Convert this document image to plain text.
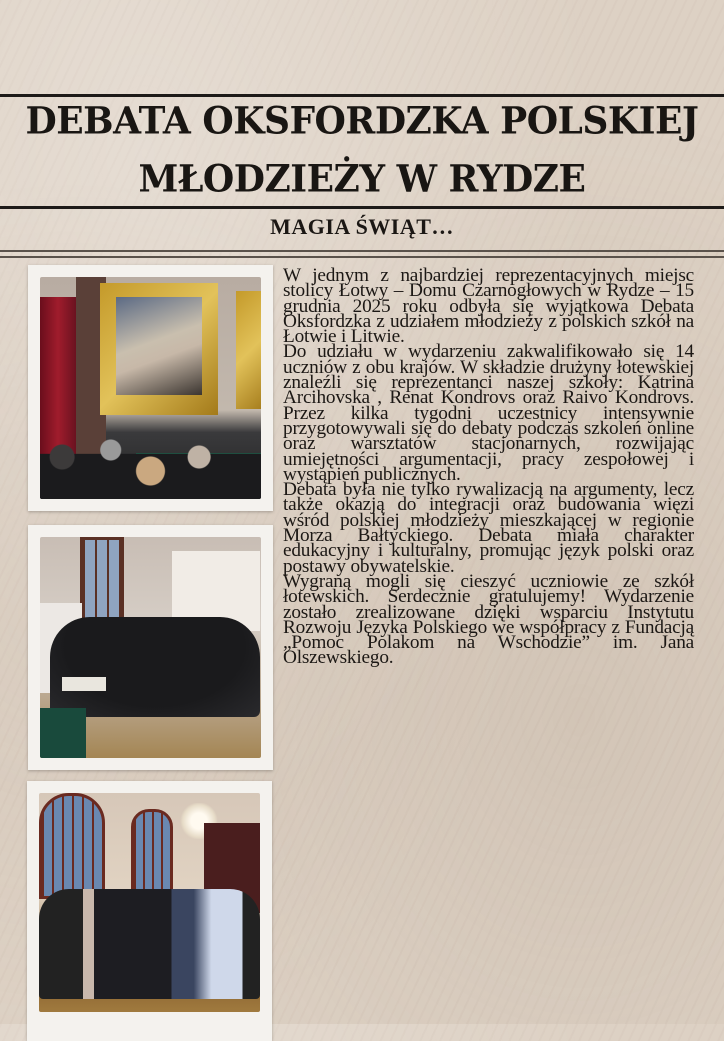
DEBATA OKSFORDZKA POLSKIEJ
MŁODZIEŻY W RYDZE
MAGIA ŚWIĄT…

W jednym z najbardziej reprezentacyjnych miejsc stolicy Łotwy – Domu Czarnogłowych w Rydze – 15 grudnia 2025 roku odbyła się wyjątkowa Debata Oksfordzka z udziałem młodzieży z polskich szkół na Łotwie i Litwie.

Do udziału w wydarzeniu zakwalifikowało się 14 uczniów z obu krajów. W składzie drużyny łotewskiej znaleźli się reprezentanci naszej szkoły: Katrina Arcihovska , Renat Kondrovs oraz Raivo Kondrovs. Przez kilka tygodni uczestnicy intensywnie przygotowywali się do debaty podczas szkoleń online oraz warsztatów stacjonarnych, rozwijając umiejętności argumentacji, pracy zespołowej i wystąpień publicznych.

Debata była nie tylko rywalizacją na argumenty, lecz także okazją do integracji oraz budowania więzi wśród polskiej młodzieży mieszkającej w regionie Morza Bałtyckiego. Debata miała charakter edukacyjny i kulturalny, promując język polski oraz postawy obywatelskie.

Wygraną mogli się cieszyć uczniowie ze szkół łotewskich. Serdecznie gratulujemy! Wydarzenie zostało zrealizowane dzięki wsparciu Instytutu Rozwoju Języka Polskiego we współpracy z Fundacją „Pomoc Polakom na Wschodzie” im. Jana Olszewskiego.
